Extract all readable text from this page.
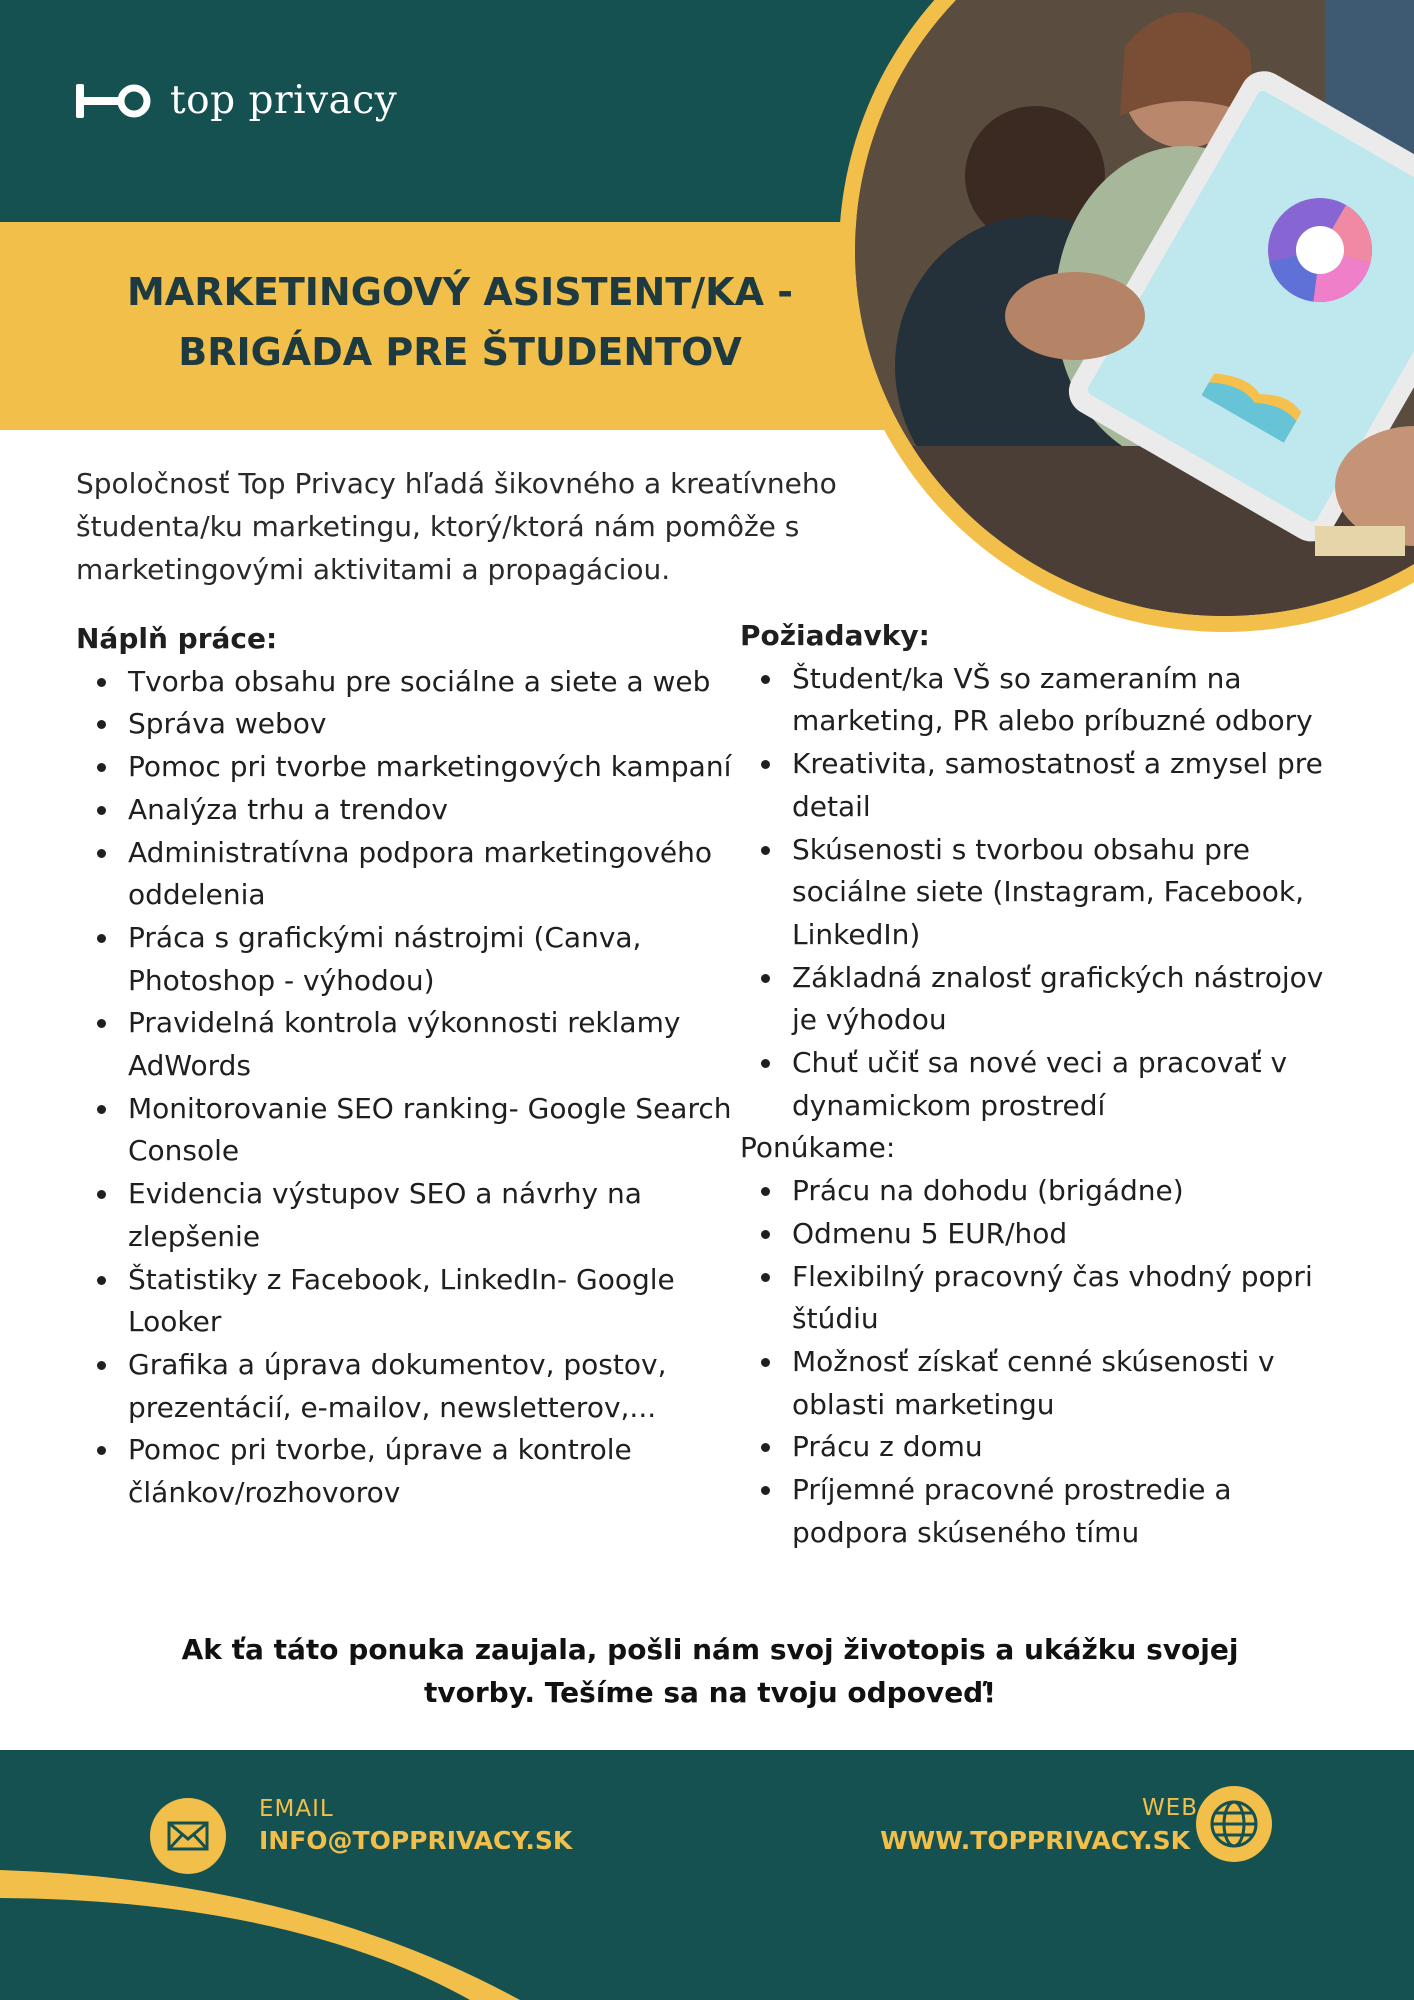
top privacy
MARKETINGOVÝ ASISTENT/KA -
BRIGÁDA PRE ŠTUDENTOV
Spoločnosť Top Privacy hľadá šikovného a kreatívneho študenta/ku marketingu, ktorý/ktorá nám pomôže s marketingovými aktivitami a propagáciou.

Náplň práce:

Tvorba obsahu pre sociálne a siete a web
Správa webov
Pomoc pri tvorbe marketingových kampaní
Analýza trhu a trendov
Administratívna podpora marketingového oddelenia
Práca s grafickými nástrojmi (Canva, Photoshop - výhodou)
Pravidelná kontrola výkonnosti reklamy AdWords
Monitorovanie SEO ranking- Google Search Console
Evidencia výstupov SEO a návrhy na zlepšenie
Štatistiky z Facebook, LinkedIn- Google Looker
Grafika a úprava dokumentov, postov, prezentácií, e-mailov, newsletterov,...
Pomoc pri tvorbe, úprave a kontrole článkov/rozhovorov

Požiadavky:

Študent/ka VŠ so zameraním na marketing, PR alebo príbuzné odbory
Kreativita, samostatnosť a zmysel pre detail
Skúsenosti s tvorbou obsahu pre sociálne siete (Instagram, Facebook, LinkedIn)
Základná znalosť grafických nástrojov je výhodou
Chuť učiť sa nové veci a pracovať v dynamickom prostredí

Ponúkame:

Prácu na dohodu (brigádne)
Odmenu 5 EUR/hod
Flexibilný pracovný čas vhodný popri štúdiu
Možnosť získať cenné skúsenosti v oblasti marketingu
Prácu z domu
Príjemné pracovné prostredie a podpora skúseného tímu
Ak ťa táto ponuka zaujala, pošli nám svoj životopis a ukážku svojej
tvorby. Tešíme sa na tvoju odpoveď!
EMAIL
INFO@TOPPRIVACY.SK
WEB
WWW.TOPPRIVACY.SK
